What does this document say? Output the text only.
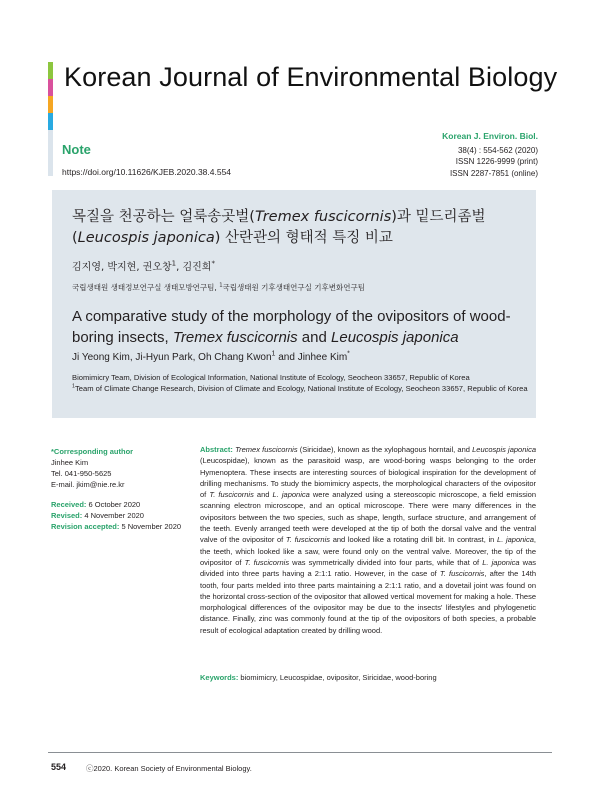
Korean Journal of Environmental Biology
Note
https://doi.org/10.11626/KJEB.2020.38.4.554
Korean J. Environ. Biol.
38(4) : 554-562 (2020)
ISSN 1226-9999 (print)
ISSN 2287-7851 (online)
목질을 천공하는 얼룩송곳벌(Tremex fuscicornis)과 밑드리좀벌
(Leucospis japonica) 산란관의 형태적 특징 비교
김지영, 박지현, 권오창$^1$, 김진희*
국립생태원 생태정보연구실 생태모방연구팀, $^1$국립생태원 기후생태연구실 기후변화연구팀
A comparative study of the morphology of the ovipositors of wood-boring insects, Tremex fuscicornis and Leucospis japonica
Ji Yeong Kim, Ji-Hyun Park, Oh Chang Kwon$^1$ and Jinhee Kim*
Biomimicry Team, Division of Ecological Information, National Institute of Ecology, Seocheon 33657, Republic of Korea
$^1$Team of Climate Change Research, Division of Climate and Ecology, National Institute of Ecology, Seocheon 33657, Republic of Korea
*Corresponding author
Jinhee Kim
Tel. 041-950-5625
E-mail. jkim@nie.re.kr
Received: 6 October 2020
Revised: 4 November 2020
Revision accepted: 5 November 2020
Abstract: Tremex fuscicornis (Siricidae), known as the xylophagous horntail, and Leucospis japonica (Leucospidae), known as the parasitoid wasp, are wood-boring wasps belonging to the order Hymenoptera. These insects are interesting sources of biological inspiration for the development of drilling mechanisms. To study the biomimicry aspects, the morphological characters of the ovipositor of T. fuscicornis and L. japonica were analyzed using a stereoscopic microscope, a field emission scanning electron microscope, and an optical microscope. There were many differences in the ovipositors between the two species, such as shape, length, surface structure, and arrangement of the teeth. Evenly arranged teeth were developed at the tip of both the dorsal valve and the ventral valve of the ovipositor of T. fuscicornis and looked like a rotating drill bit. In contrast, in L. japonica, the teeth, which looked like a saw, were found only on the ventral valve. Moreover, the tip of the ovipositor of T. fuscicornis was symmetrically divided into four parts, while that of L. japonica was divided into three parts having a 2:1:1 ratio. However, in the case of T. fuscicornis, after the 14th tooth, four parts melded into three parts maintaining a 2:1:1 ratio, and a dovetail joint was found on the horizontal cross-section of the ovipositor that allowed vertical movement for making a hole. These morphological differences of the ovipositor may be due to the insects' lifestyles and phylogenetic distance. Finally, zinc was commonly found at the tip of the ovipositors of both species, a probable result of ecological adaptation created by drilling wood.
Keywords: biomimicry, Leucospidae, ovipositor, Siricidae, wood-boring
554	ⓒ2020. Korean Society of Environmental Biology.
